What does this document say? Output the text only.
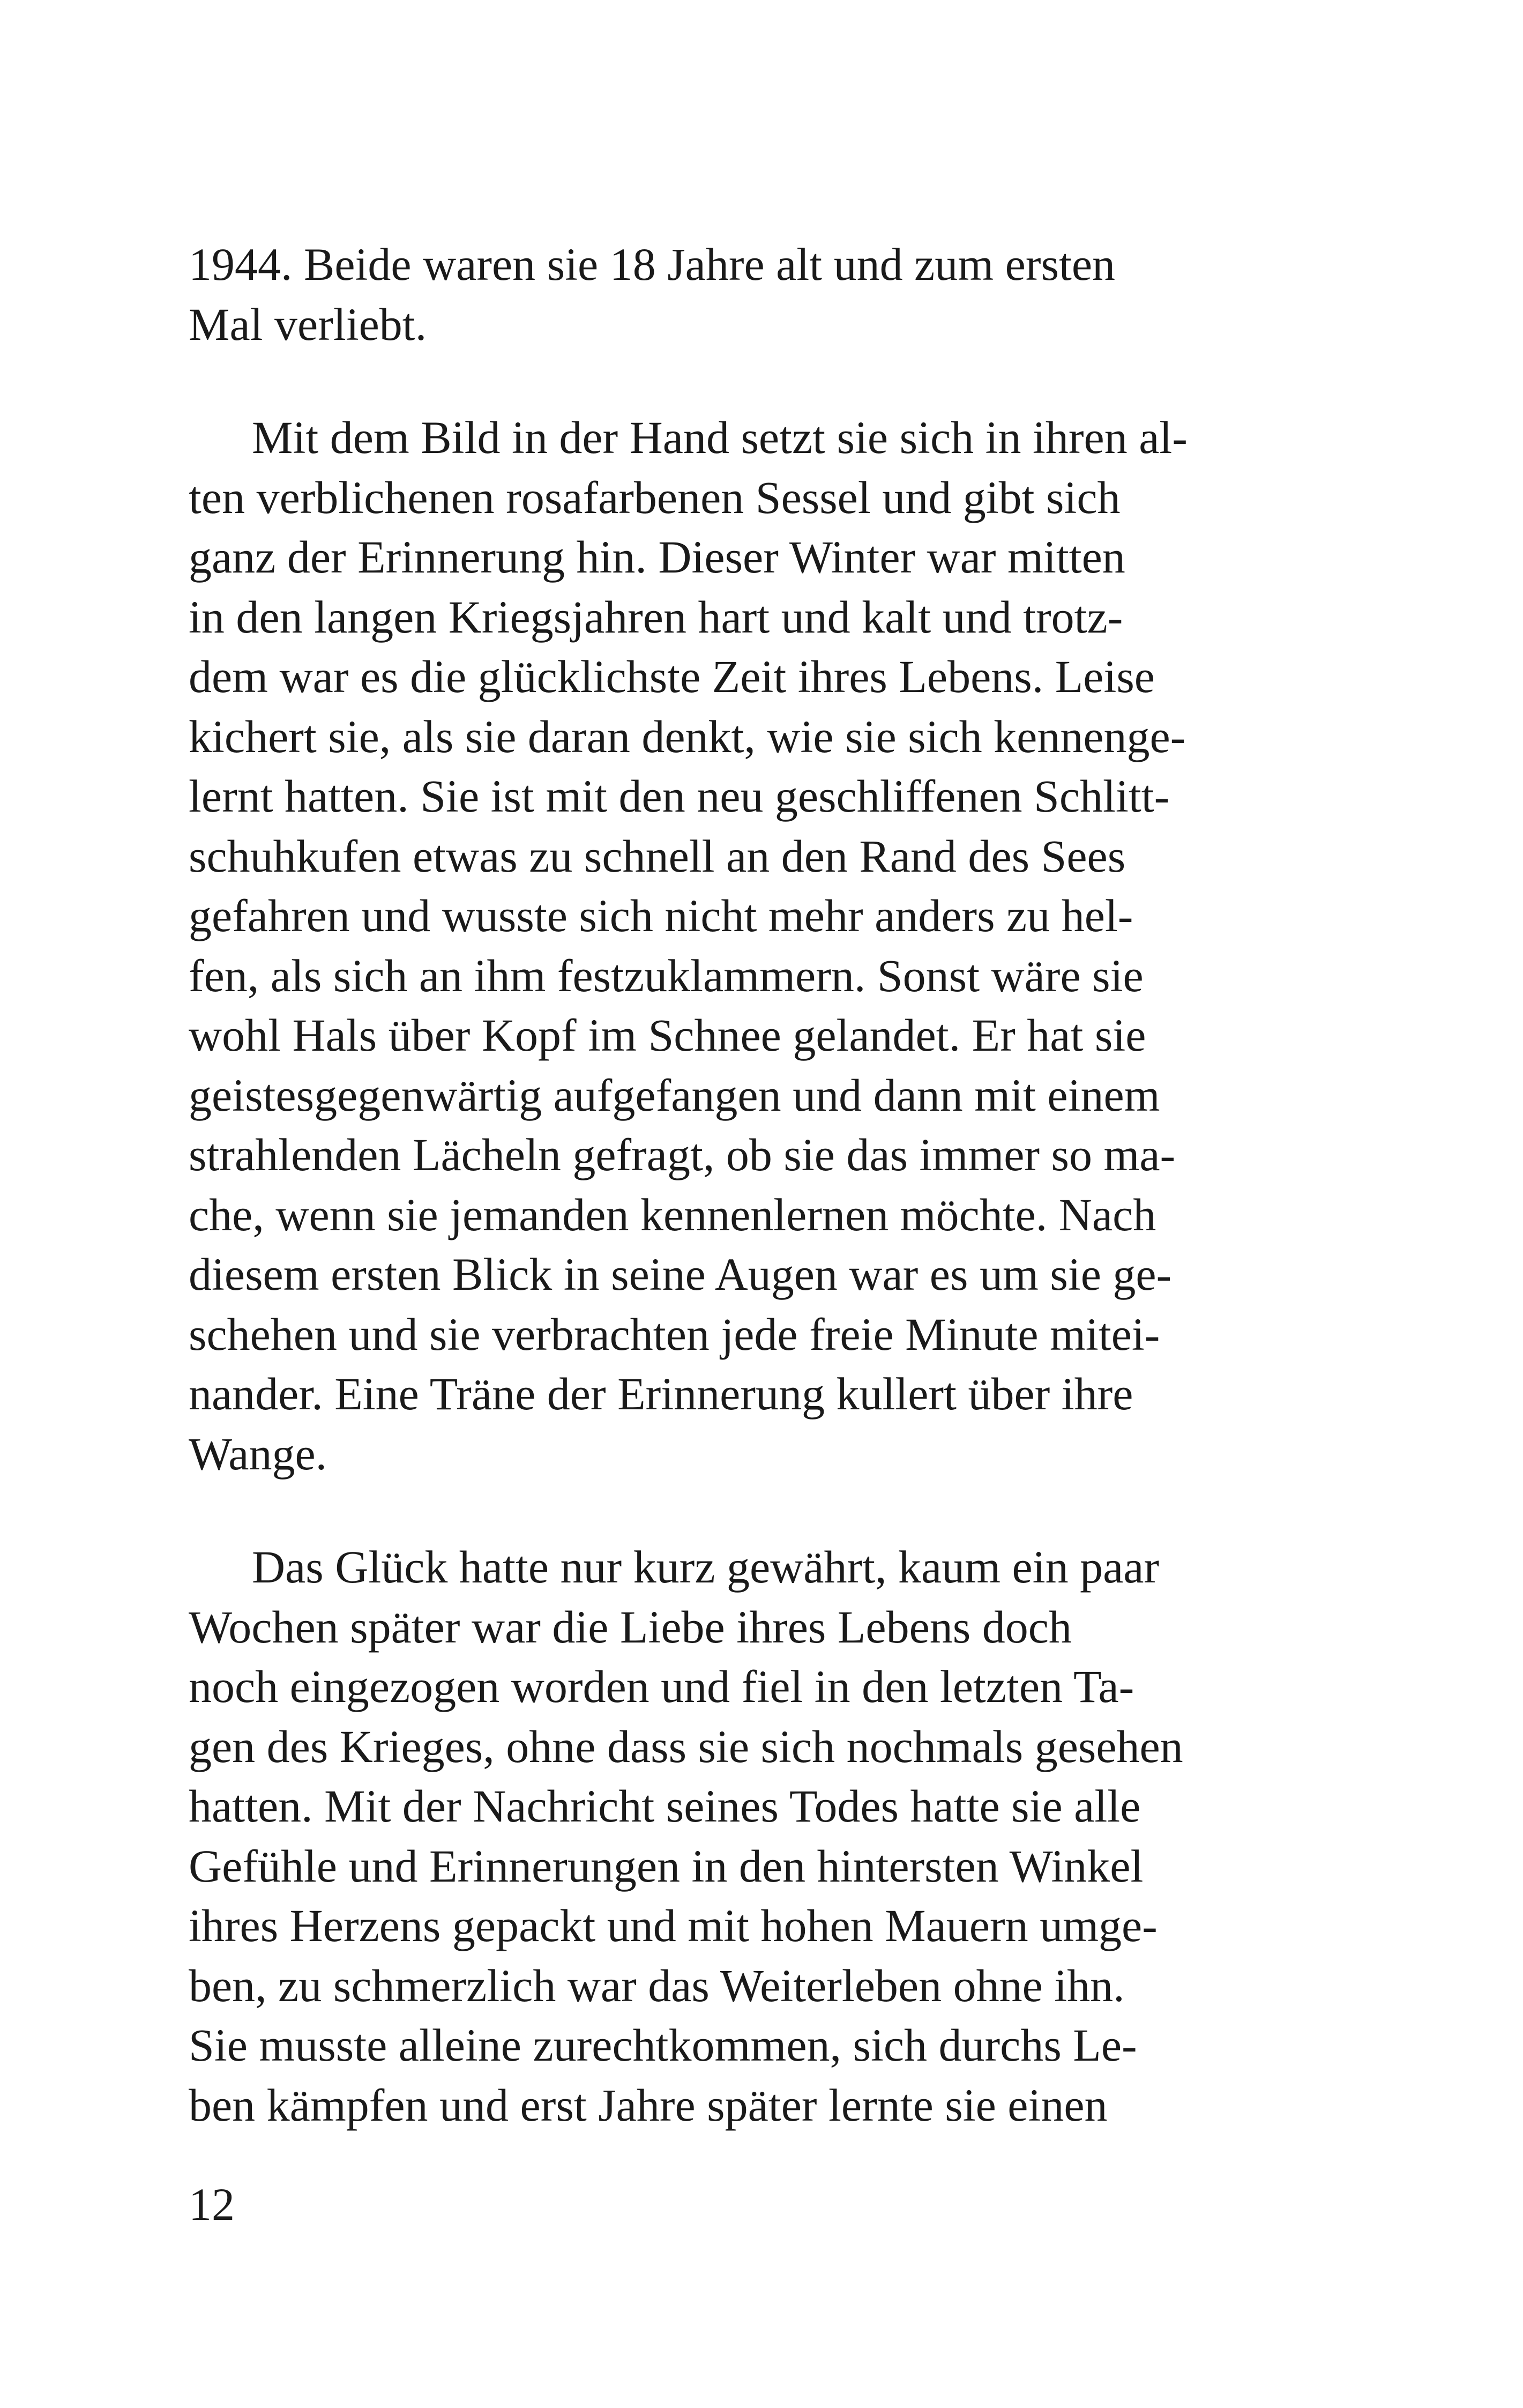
1944. Beide waren sie 18 Jahre alt und zum ersten
Mal verliebt.
Mit dem Bild in der Hand setzt sie sich in ihren al-
ten verblichenen rosafarbenen Sessel und gibt sich
ganz der Erinnerung hin. Dieser Winter war mitten
in den langen Kriegsjahren hart und kalt und trotz-
dem war es die glücklichste Zeit ihres Lebens. Leise
kichert sie, als sie daran denkt, wie sie sich kennenge-
lernt hatten. Sie ist mit den neu geschliffenen Schlitt-
schuhkufen etwas zu schnell an den Rand des Sees
gefahren und wusste sich nicht mehr anders zu hel-
fen, als sich an ihm festzuklammern. Sonst wäre sie
wohl Hals über Kopf im Schnee gelandet. Er hat sie
geistesgegenwärtig aufgefangen und dann mit einem
strahlenden Lächeln gefragt, ob sie das immer so ma-
che, wenn sie jemanden kennenlernen möchte. Nach
diesem ersten Blick in seine Augen war es um sie ge-
schehen und sie verbrachten jede freie Minute mitei-
nander. Eine Träne der Erinnerung kullert über ihre
Wange.
Das Glück hatte nur kurz gewährt, kaum ein paar
Wochen später war die Liebe ihres Lebens doch
noch eingezogen worden und fiel in den letzten Ta-
gen des Krieges, ohne dass sie sich nochmals gesehen
hatten. Mit der Nachricht seines Todes hatte sie alle
Gefühle und Erinnerungen in den hintersten Winkel
ihres Herzens gepackt und mit hohen Mauern umge-
ben, zu schmerzlich war das Weiterleben ohne ihn.
Sie musste alleine zurechtkommen, sich durchs Le-
ben kämpfen und erst Jahre später lernte sie einen
12
